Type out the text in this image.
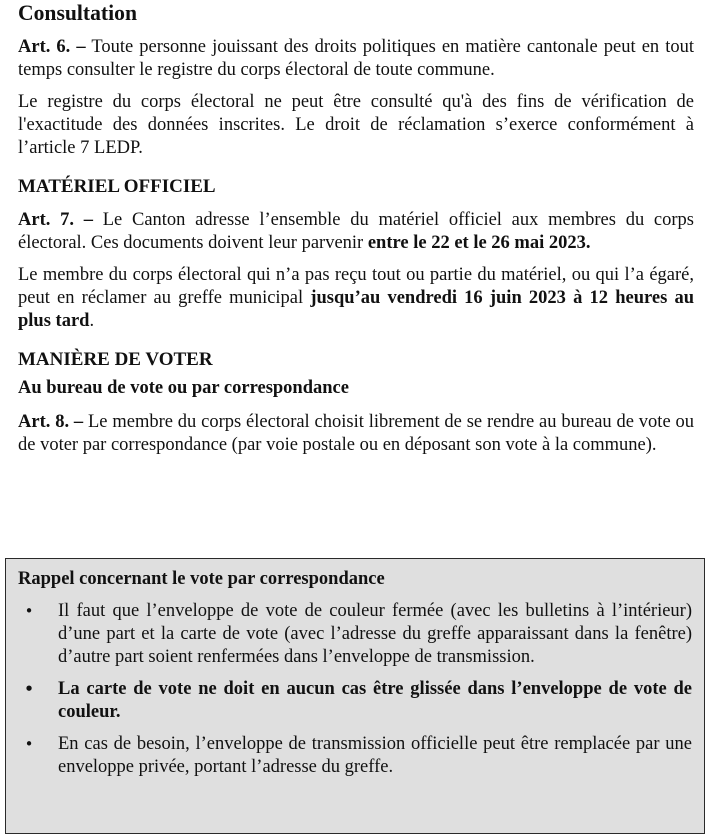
Consultation

Art. 6. – Toute personne jouissant des droits politiques en matière cantonale peut en tout temps consulter le registre du corps électoral de toute commune.

Le registre du corps électoral ne peut être consulté qu'à des fins de vérification de l'exactitude des données inscrites. Le droit de réclamation s’exerce conformément à l’article 7 LEDP.

MATÉRIEL OFFICIEL

Art. 7. – Le Canton adresse l’ensemble du matériel officiel aux membres du corps électoral. Ces documents doivent leur parvenir entre le 22 et le 26 mai 2023.

Le membre du corps électoral qui n’a pas reçu tout ou partie du matériel, ou qui l’a égaré, peut en réclamer au greffe municipal jusqu’au vendredi 16 juin 2023 à 12 heures au plus tard.

MANIÈRE DE VOTER
Au bureau de vote ou par correspondance

Art. 8. – Le membre du corps électoral choisit librement de se rendre au bureau de vote ou de voter par correspondance (par voie postale ou en déposant son vote à la commune).

Rappel concernant le vote par correspondance

• Il faut que l’enveloppe de vote de couleur fermée (avec les bulletins à l’intérieur) d’une part et la carte de vote (avec l’adresse du greffe apparaissant dans la fenêtre) d’autre part soient renfermées dans l’enveloppe de transmission.
• La carte de vote ne doit en aucun cas être glissée dans l’enveloppe de vote de couleur.
• En cas de besoin, l’enveloppe de transmission officielle peut être remplacée par une enveloppe privée, portant l’adresse du greffe.
